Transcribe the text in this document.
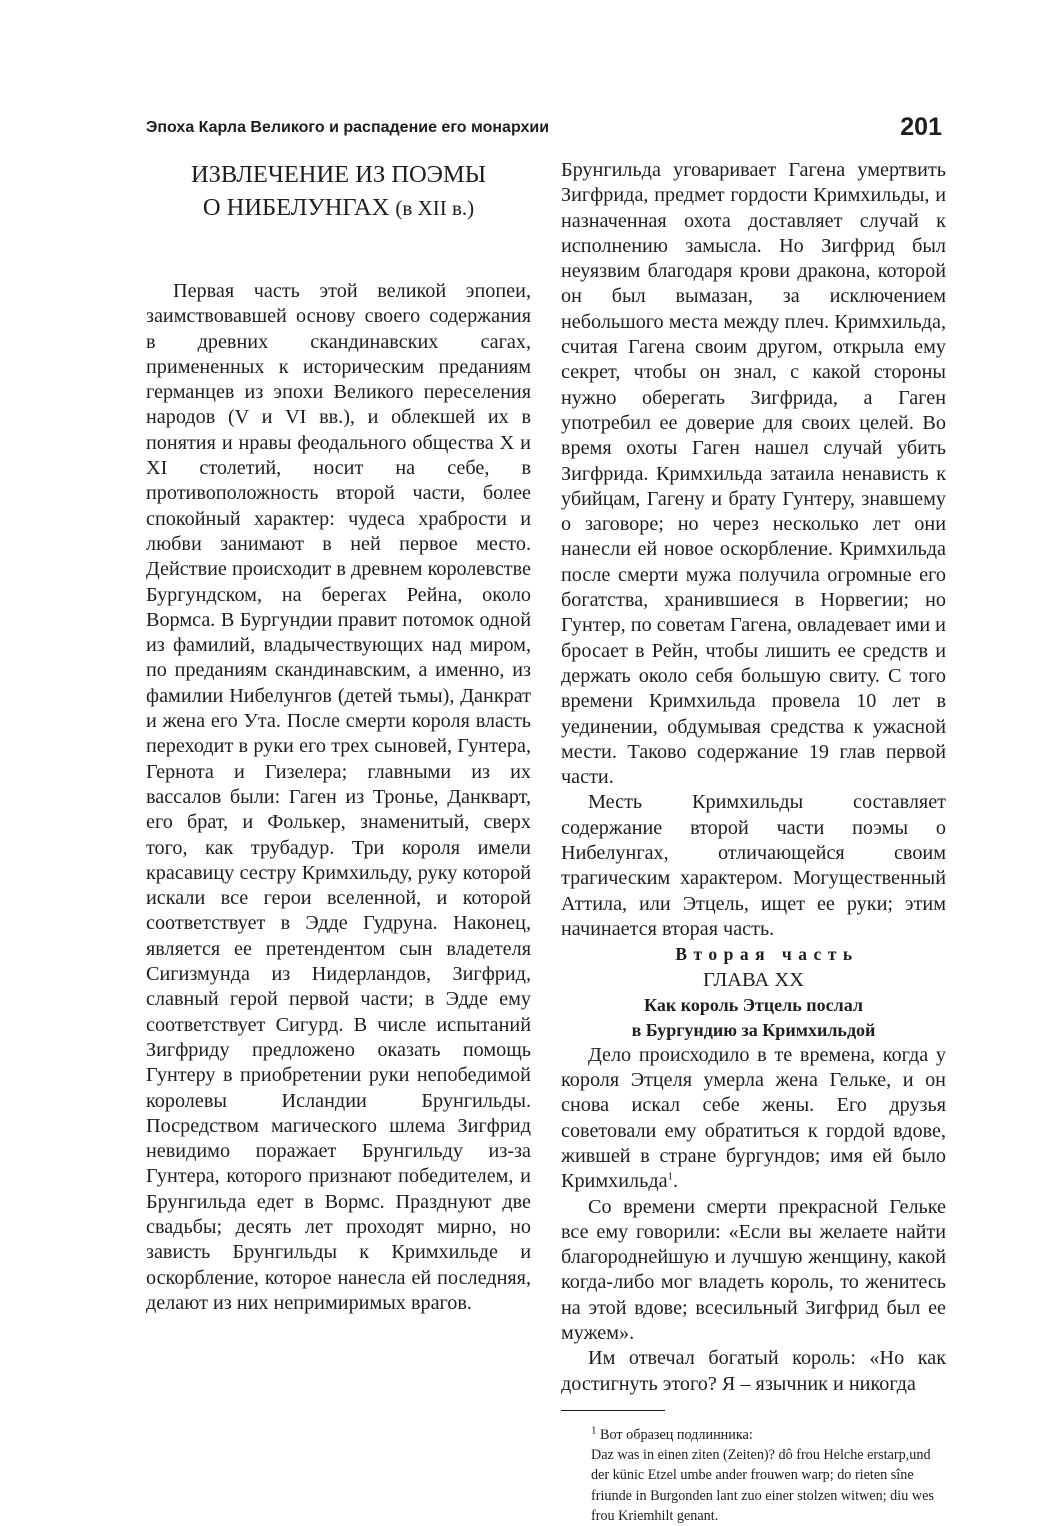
Эпоха Карла Великого и распадение его монархии	201
ИЗВЛЕЧЕНИЕ ИЗ ПОЭМЫ
О НИБЕЛУНГАХ (в XII в.)

Первая часть этой великой эпопеи, заимствовавшей основу своего содержания в древних скандинавских сагах, примененных к историческим преданиям германцев из эпохи Великого переселения народов (V и VI вв.), и облекшей их в понятия и нравы феодального общества X и XI столетий, носит на себе, в противоположность второй части, более спокойный характер: чудеса храбрости и любви занимают в ней первое место. Действие происходит в древнем королевстве Бургундском, на берегах Рейна, около Вормса. В Бургундии правит потомок одной из фамилий, владычествующих над миром, по преданиям скандинавским, а именно, из фамилии Нибелунгов (детей тьмы), Данкрат и жена его Ута. После смерти короля власть переходит в руки его трех сыновей, Гунтера, Гернота и Гизелера; главными из их вассалов были: Гаген из Тронье, Данкварт, его брат, и Фолькер, знаменитый, сверх того, как трубадур. Три короля имели красавицу сестру Кримхильду, руку которой искали все герои вселенной, и которой соответствует в Эдде Гудруна. Наконец, является ее претендентом сын владетеля Сигизмунда из Нидерландов, Зигфрид, славный герой первой части; в Эдде ему соответствует Сигурд. В числе испытаний Зигфриду предложено оказать помощь Гунтеру в приобретении руки непобедимой королевы Исландии Брунгильды. Посредством магического шлема Зигфрид невидимо поражает Брунгильду из-за Гунтера, которого признают победителем, и Брунгильда едет в Вормс. Празднуют две свадьбы; десять лет проходят мирно, но зависть Брунгильды к Кримхильде и оскорбление, которое нанесла ей последняя, делают из них непримиримых врагов.

Брунгильда уговаривает Гагена умертвить Зигфрида, предмет гордости Кримхильды, и назначенная охота доставляет случай к исполнению замысла. Но Зигфрид был неуязвим благодаря крови дракона, которой он был вымазан, за исключением небольшого места между плеч. Кримхильда, считая Гагена своим другом, открыла ему секрет, чтобы он знал, с какой стороны нужно оберегать Зигфрида, а Гаген употребил ее доверие для своих целей. Во время охоты Гаген нашел случай убить Зигфрида. Кримхильда затаила ненависть к убийцам, Гагену и брату Гунтеру, знавшему о заговоре; но через несколько лет они нанесли ей новое оскорбление. Кримхильда после смерти мужа получила огромные его богатства, хранившиеся в Норвегии; но Гунтер, по советам Гагена, овладевает ими и бросает в Рейн, чтобы лишить ее средств и держать около себя большую свиту. С того времени Кримхильда провела 10 лет в уединении, обдумывая средства к ужасной мести. Таково содержание 19 глав первой части.

Месть Кримхильды составляет содержание второй части поэмы о Нибелунгах, отличающейся своим трагическим характером. Могущественный Аттила, или Этцель, ищет ее руки; этим начинается вторая часть.

Вторая часть

ГЛАВА XX

Как король Этцель послал
в Бургундию за Кримхильдой

Дело происходило в те времена, когда у короля Этцеля умерла жена Гельке, и он снова искал себе жены. Его друзья советовали ему обратиться к гордой вдове, жившей в стране бургундов; имя ей было Кримхильда$^1$.

Со времени смерти прекрасной Гельке все ему говорили: «Если вы желаете найти благороднейшую и лучшую женщину, какой когда-либо мог владеть король, то женитесь на этой вдове; всесильный Зигфрид был ее мужем».

Им отвечал богатый король: «Но как достигнуть этого? Я – язычник и никогда

$^1$ Вот образец подлинника:

Daz was in einen ziten (Zeiten)? dô frou Helche erstarp,und der künic Etzel umbe ander frouwen warp; do rieten sîne friunde in Burgonden lant zuo einer stolzen witwen; diu wes frou Kriemhilt genant.
